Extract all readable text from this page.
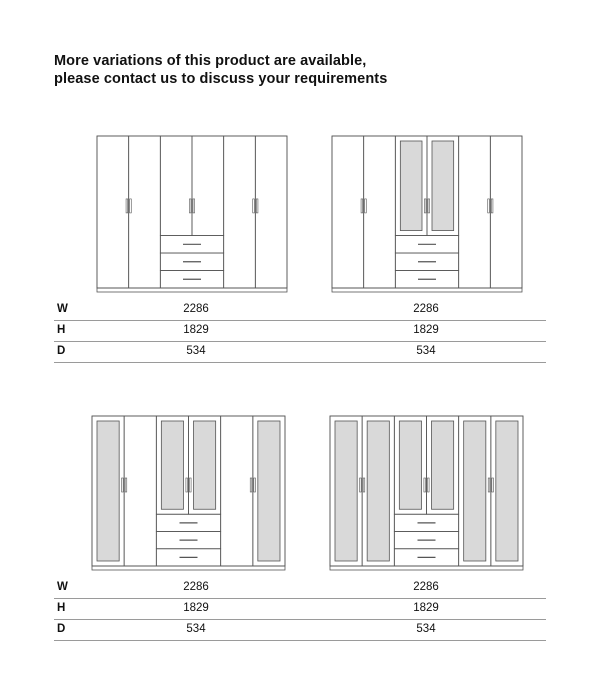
More variations of this product are available,
please contact us to discuss your requirements
W	2286	2286
H	1829	1829
D	534	534
W	2286	2286
H	1829	1829
D	534	534
